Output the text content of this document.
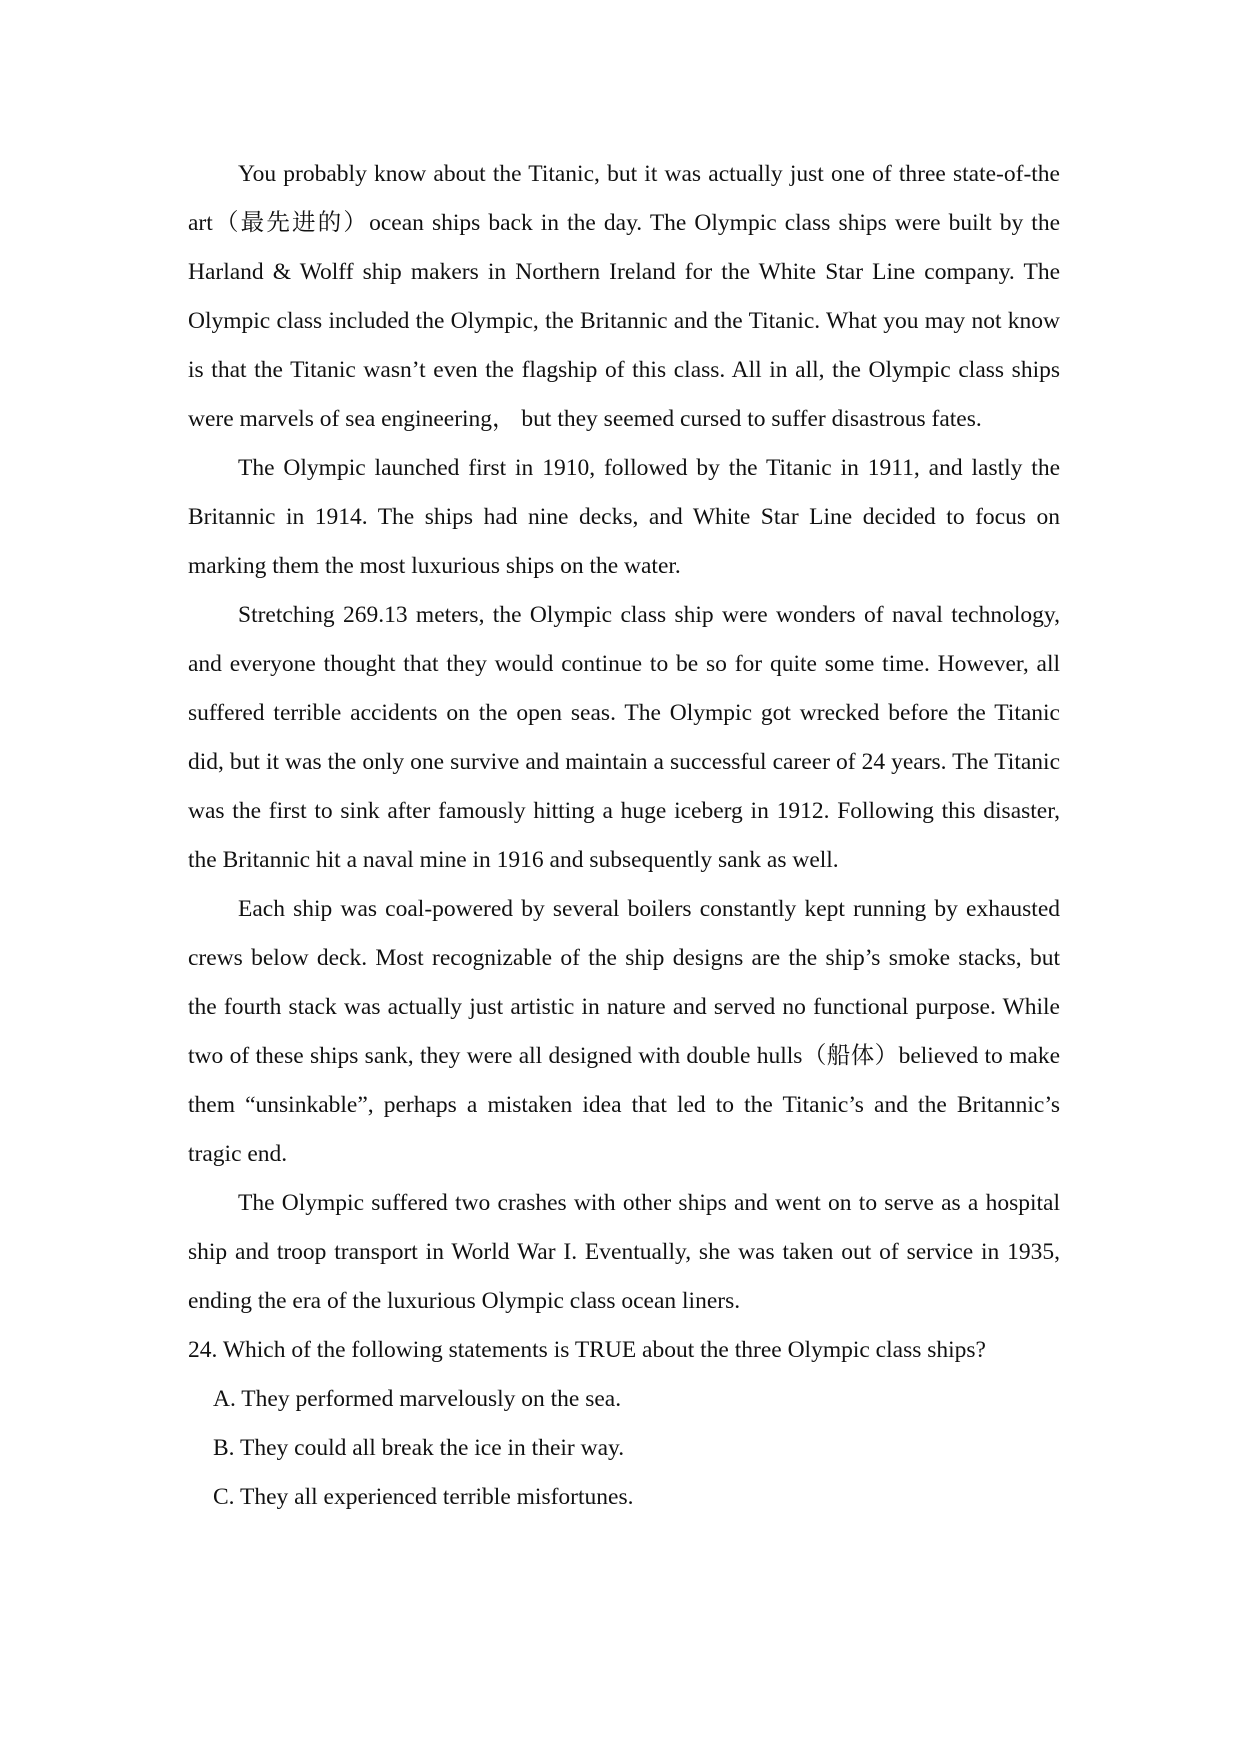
You probably know about the Titanic, but it was actually just one of three state-of-the art（最先进的）ocean ships back in the day. The Olympic class ships were built by the Harland & Wolff ship makers in Northern Ireland for the White Star Line company. The Olympic class included the Olympic, the Britannic and the Titanic. What you may not know is that the Titanic wasn’t even the flagship of this class. All in all, the Olympic class ships were marvels of sea engineering， but they seemed cursed to suffer disastrous fates.

The Olympic launched first in 1910, followed by the Titanic in 1911, and lastly the Britannic in 1914. The ships had nine decks, and White Star Line decided to focus on marking them the most luxurious ships on the water.

Stretching 269.13 meters, the Olympic class ship were wonders of naval technology, and everyone thought that they would continue to be so for quite some time. However, all suffered terrible accidents on the open seas. The Olympic got wrecked before the Titanic did, but it was the only one survive and maintain a successful career of 24 years. The Titanic was the first to sink after famously hitting a huge iceberg in 1912. Following this disaster, the Britannic hit a naval mine in 1916 and subsequently sank as well.

Each ship was coal-powered by several boilers constantly kept running by exhausted crews below deck. Most recognizable of the ship designs are the ship’s smoke stacks, but the fourth stack was actually just artistic in nature and served no functional purpose. While two of these ships sank, they were all designed with double hulls（船体）believed to make them “unsinkable”, perhaps a mistaken idea that led to the Titanic’s and the Britannic’s tragic end.

The Olympic suffered two crashes with other ships and went on to serve as a hospital ship and troop transport in World War I. Eventually, she was taken out of service in 1935, ending the era of the luxurious Olympic class ocean liners.

24. Which of the following statements is TRUE about the three Olympic class ships?

A. They performed marvelously on the sea.

B. They could all break the ice in their way.

C. They all experienced terrible misfortunes.
